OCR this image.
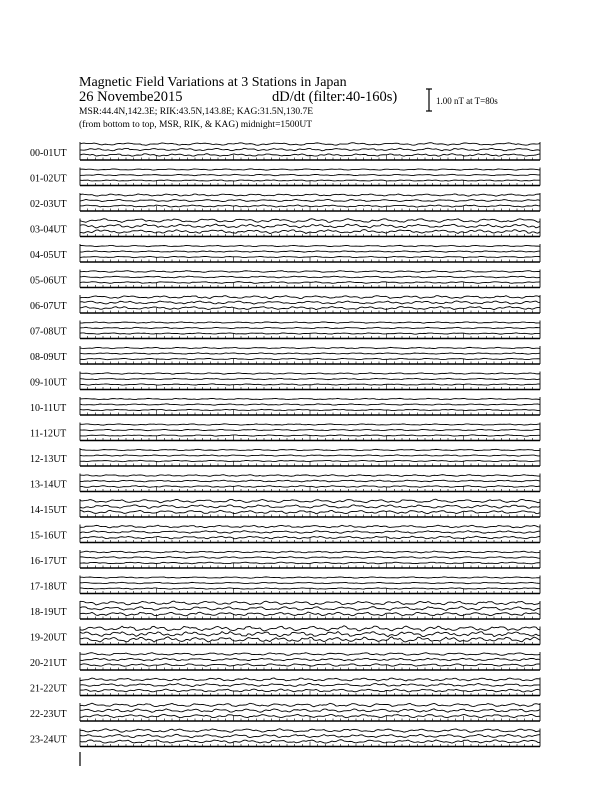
Magnetic Field Variations at 3 Stations in Japan
26 Novembe2015	dD/dt (filter:40-160s)
MSR:44.4N,142.3E; RIK:43.5N,143.8E; KAG:31.5N,130.7E
(from bottom to top, MSR, RIK, & KAG) midnight=1500UT
1.00 nT at T=80s
00-01UT
01-02UT
02-03UT
03-04UT
04-05UT
05-06UT
06-07UT
07-08UT
08-09UT
09-10UT
10-11UT
11-12UT
12-13UT
13-14UT
14-15UT
15-16UT
16-17UT
17-18UT
18-19UT
19-20UT
20-21UT
21-22UT
22-23UT
23-24UT
